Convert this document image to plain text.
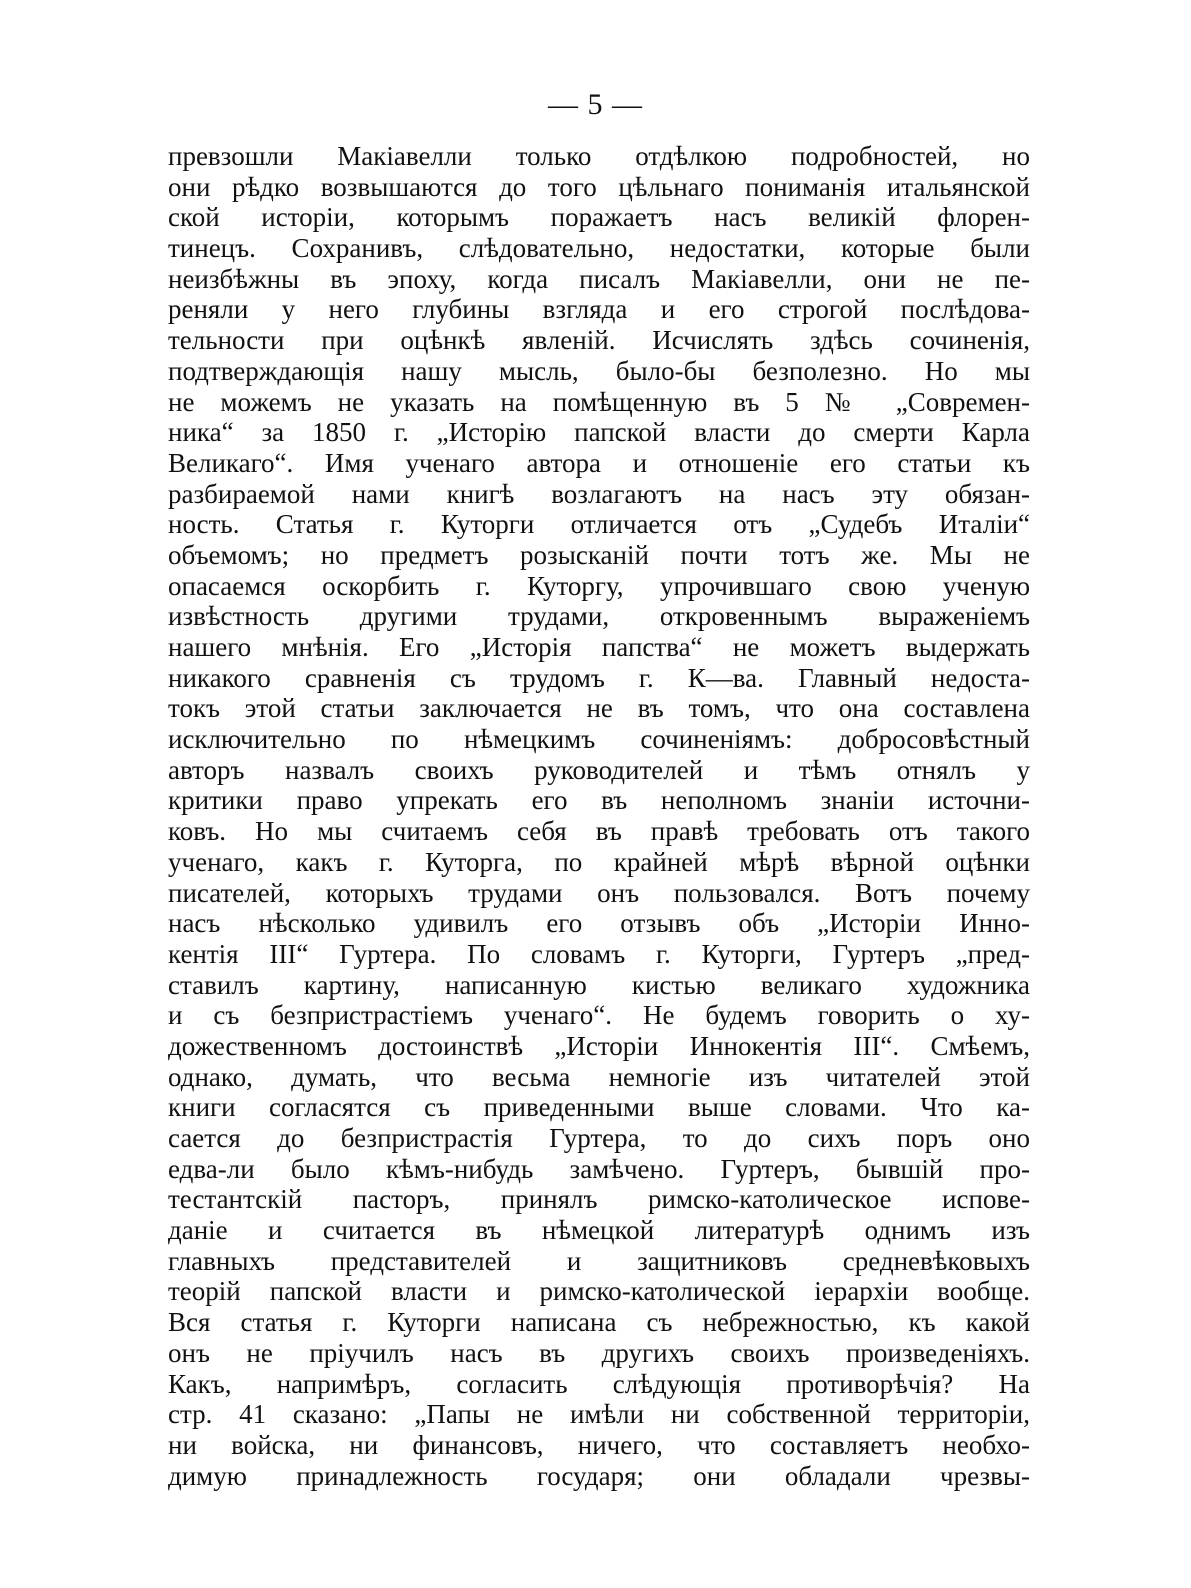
— 5 —
превзошли Макіавелли только отдѣлкою подробностей, но
они рѣдко возвышаются до того цѣльнаго пониманія итальянской
ской исторіи, которымъ поражаетъ насъ великій флорен-
тинецъ. Сохранивъ, слѣдовательно, недостатки, которые были
неизбѣжны въ эпоху, когда писалъ Макіавелли, они не пе-
реняли у него глубины взгляда и его строгой послѣдова-
тельности при оцѣнкѣ явленій. Исчислять здѣсь сочиненія,
подтверждающія нашу мысль, было-бы безполезно. Но мы
не можемъ не указать на помѣщенную въ 5 № „Современ-
ника“ за 1850 г. „Исторію папской власти до смерти Карла
Великаго“. Имя ученаго автора и отношеніе его статьи къ
разбираемой нами книгѣ возлагаютъ на насъ эту обязан-
ность. Статья г. Куторги отличается отъ „Судебъ Италіи“
объемомъ; но предметъ розысканій почти тотъ же. Мы не
опасаемся оскорбить г. Куторгу, упрочившаго свою ученую
извѣстность другими трудами, откровеннымъ выраженіемъ
нашего мнѣнія. Его „Исторія папства“ не можетъ выдержать
никакого сравненія съ трудомъ г. К—ва. Главный недоста-
токъ этой статьи заключается не въ томъ, что она составлена
исключительно по нѣмецкимъ сочиненіямъ: добросовѣстный
авторъ назвалъ своихъ руководителей и тѣмъ отнялъ у
критики право упрекать его въ неполномъ знаніи источни-
ковъ. Но мы считаемъ себя въ правѣ требовать отъ такого
ученаго, какъ г. Куторга, по крайней мѣрѣ вѣрной оцѣнки
писателей, которыхъ трудами онъ пользовался. Вотъ почему
насъ нѣсколько удивилъ его отзывъ объ „Исторіи Инно-
кентія III“ Гуртера. По словамъ г. Куторги, Гуртеръ „пред-
ставилъ картину, написанную кистью великаго художника
и съ безпристрастіемъ ученаго“. Не будемъ говорить о ху-
дожественномъ достоинствѣ „Исторіи Иннокентія III“. Смѣемъ,
однако, думать, что весьма немногіе изъ читателей этой
книги согласятся съ приведенными выше словами. Что ка-
сается до безпристрастія Гуртера, то до сихъ поръ оно
едва-ли было кѣмъ-нибудь замѣчено. Гуртеръ, бывшій про-
тестантскій пасторъ, принялъ римско-католическое испове-
даніе и считается въ нѣмецкой литературѣ однимъ изъ
главныхъ представителей и защитниковъ средневѣковыхъ
теорій папской власти и римско-католической іерархіи вообще.
Вся статья г. Куторги написана съ небрежностью, къ какой
онъ не пріучилъ насъ въ другихъ своихъ произведеніяхъ.
Какъ, напримѣръ, согласить слѣдующія противорѣчія? На
стр. 41 сказано: „Папы не имѣли ни собственной территоріи,
ни войска, ни финансовъ, ничего, что составляетъ необхо-
димую принадлежность государя; они обладали чрезвы-
